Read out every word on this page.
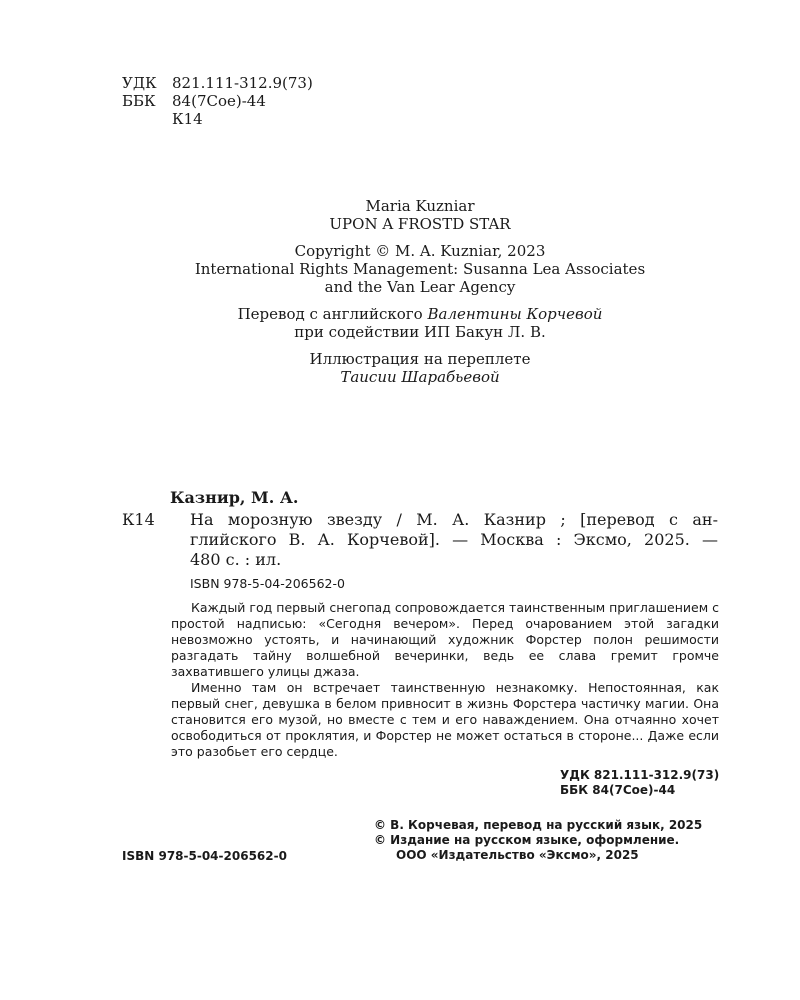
УДК	821.111-312.9(73)
ББК	84(7Сое)-44
К14
Maria Kuzniar
UPON A FROSTD STAR
Copyright © M. A. Kuzniar, 2023
International Rights Management: Susanna Lea Associates
and the Van Lear Agency
Перевод с английского Валентины Корчевой
при содействии ИП Бакун Л. В.
Иллюстрация на переплете
Таисии Шарабьевой
Казнир, М. А.
К14 На морозную звезду / М. А. Казнир ; [перевод с ан-
глийского В. А. Корчевой]. — Москва : Эксмо, 2025. —
480 с. : ил.
ISBN 978-5-04-206562-0

Каждый год первый снегопад сопровождается таинственным приглашением с простой надписью: «Сегодня вечером». Перед очарованием этой загадки невозможно устоять, и начинающий художник Форстер полон решимости разгадать тайну волшебной вечеринки, ведь ее слава гремит громче захватившего улицы джаза.

Именно там он встречает таинственную незнакомку. Непостоянная, как первый снег, девушка в белом привносит в жизнь Форстера частичку магии. Она становится его музой, но вместе с тем и его наваждением. Она отчаянно хочет освободиться от проклятия, и Форстер не может остаться в стороне... Даже если это разобьет его сердце.

УДК 821.111-312.9(73)
ББК 84(7Сое)-44
ISBN 978-5-04-206562-0
© В. Корчевая, перевод на русский язык, 2025
© Издание на русском языке, оформление.
ООО «Издательство «Эксмо», 2025
